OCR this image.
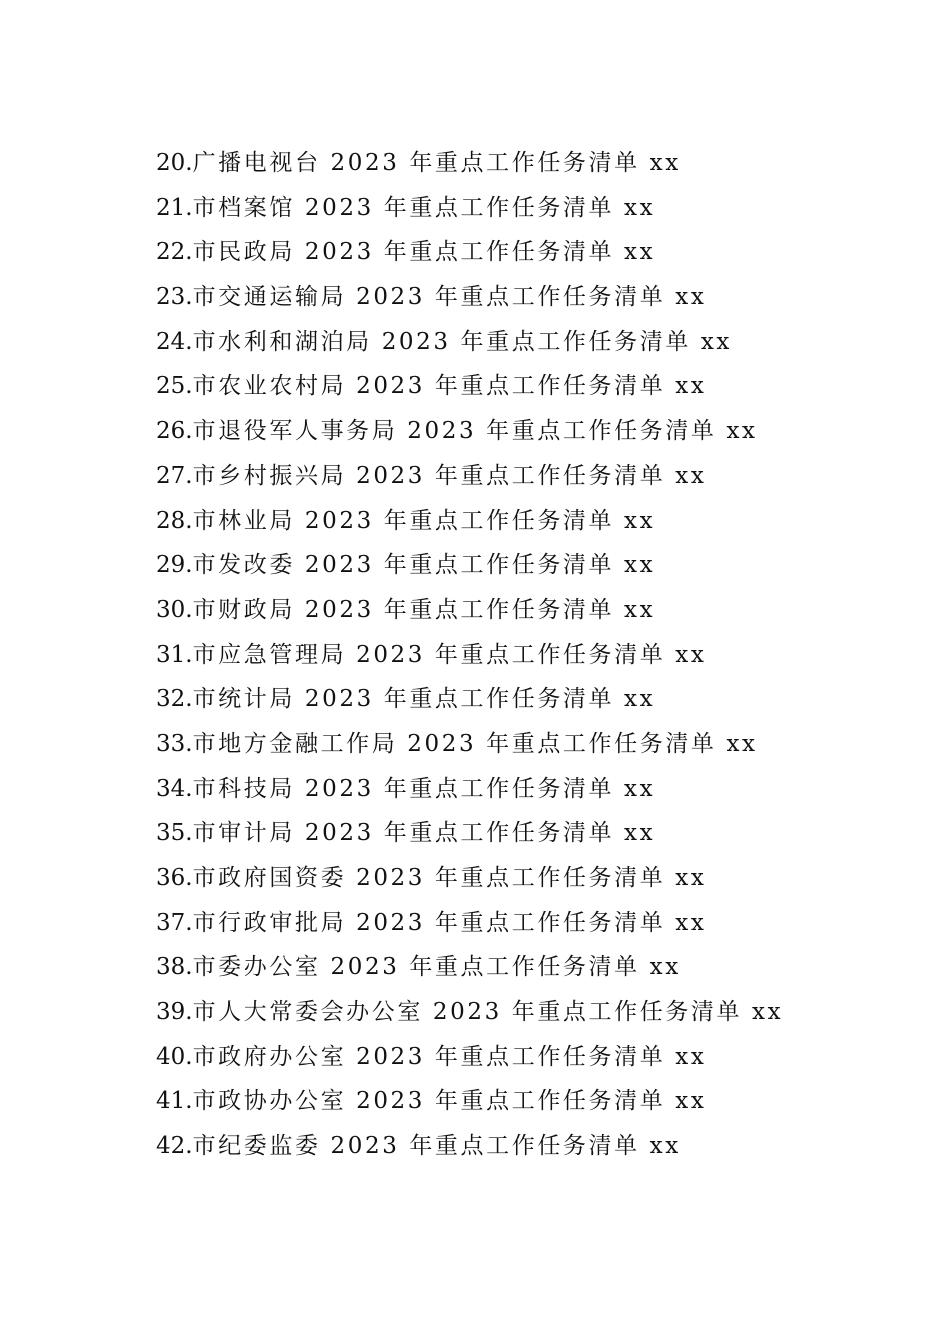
20.广播电视台 2023 年重点工作任务清单 xx
21.市档案馆 2023 年重点工作任务清单 xx
22.市民政局 2023 年重点工作任务清单 xx
23.市交通运输局 2023 年重点工作任务清单 xx
24.市水利和湖泊局 2023 年重点工作任务清单 xx
25.市农业农村局 2023 年重点工作任务清单 xx
26.市退役军人事务局 2023 年重点工作任务清单 xx
27.市乡村振兴局 2023 年重点工作任务清单 xx
28.市林业局 2023 年重点工作任务清单 xx
29.市发改委 2023 年重点工作任务清单 xx
30.市财政局 2023 年重点工作任务清单 xx
31.市应急管理局 2023 年重点工作任务清单 xx
32.市统计局 2023 年重点工作任务清单 xx
33.市地方金融工作局 2023 年重点工作任务清单 xx
34.市科技局 2023 年重点工作任务清单 xx
35.市审计局 2023 年重点工作任务清单 xx
36.市政府国资委 2023 年重点工作任务清单 xx
37.市行政审批局 2023 年重点工作任务清单 xx
38.市委办公室 2023 年重点工作任务清单 xx
39.市人大常委会办公室 2023 年重点工作任务清单 xx
40.市政府办公室 2023 年重点工作任务清单 xx
41.市政协办公室 2023 年重点工作任务清单 xx
42.市纪委监委 2023 年重点工作任务清单 xx
